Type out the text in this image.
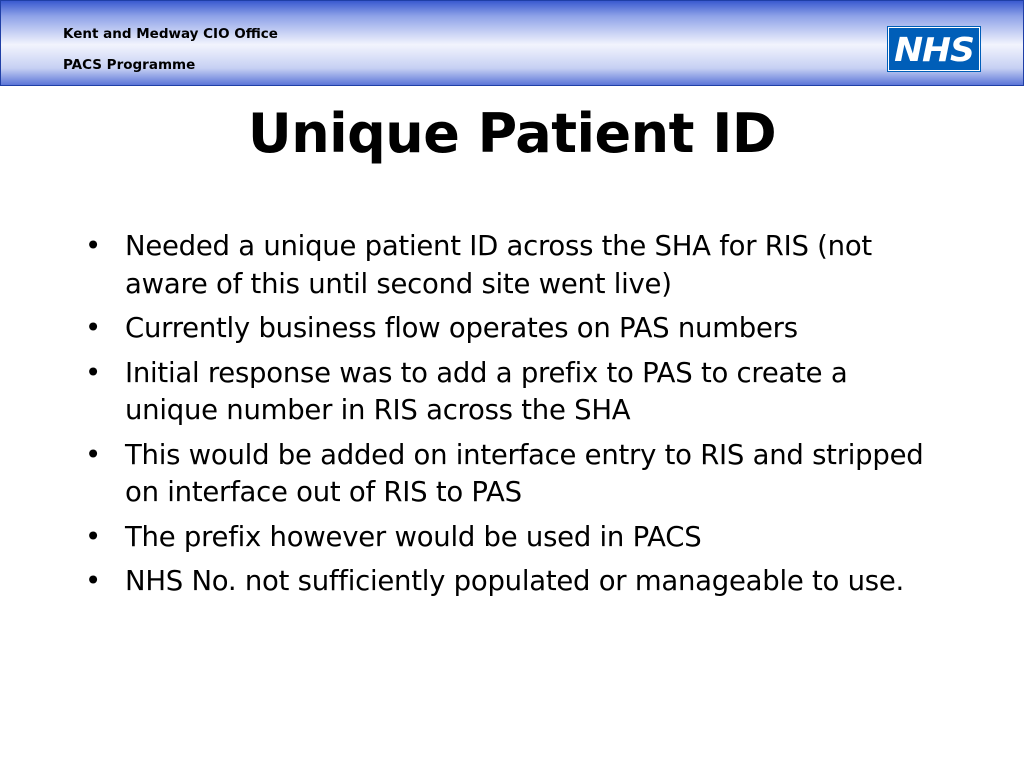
Kent and Medway CIO Office
PACS Programme	NHS
Unique Patient ID
• Needed a unique patient ID across the SHA for RIS (not aware of this until second site went live)
• Currently business flow operates on PAS numbers
• Initial response was to add a prefix to PAS to create a unique number in RIS across the SHA
• This would be added on interface entry to RIS and stripped on interface out of RIS to PAS
• The prefix however would be used in PACS
• NHS No. not sufficiently populated or manageable to use.
